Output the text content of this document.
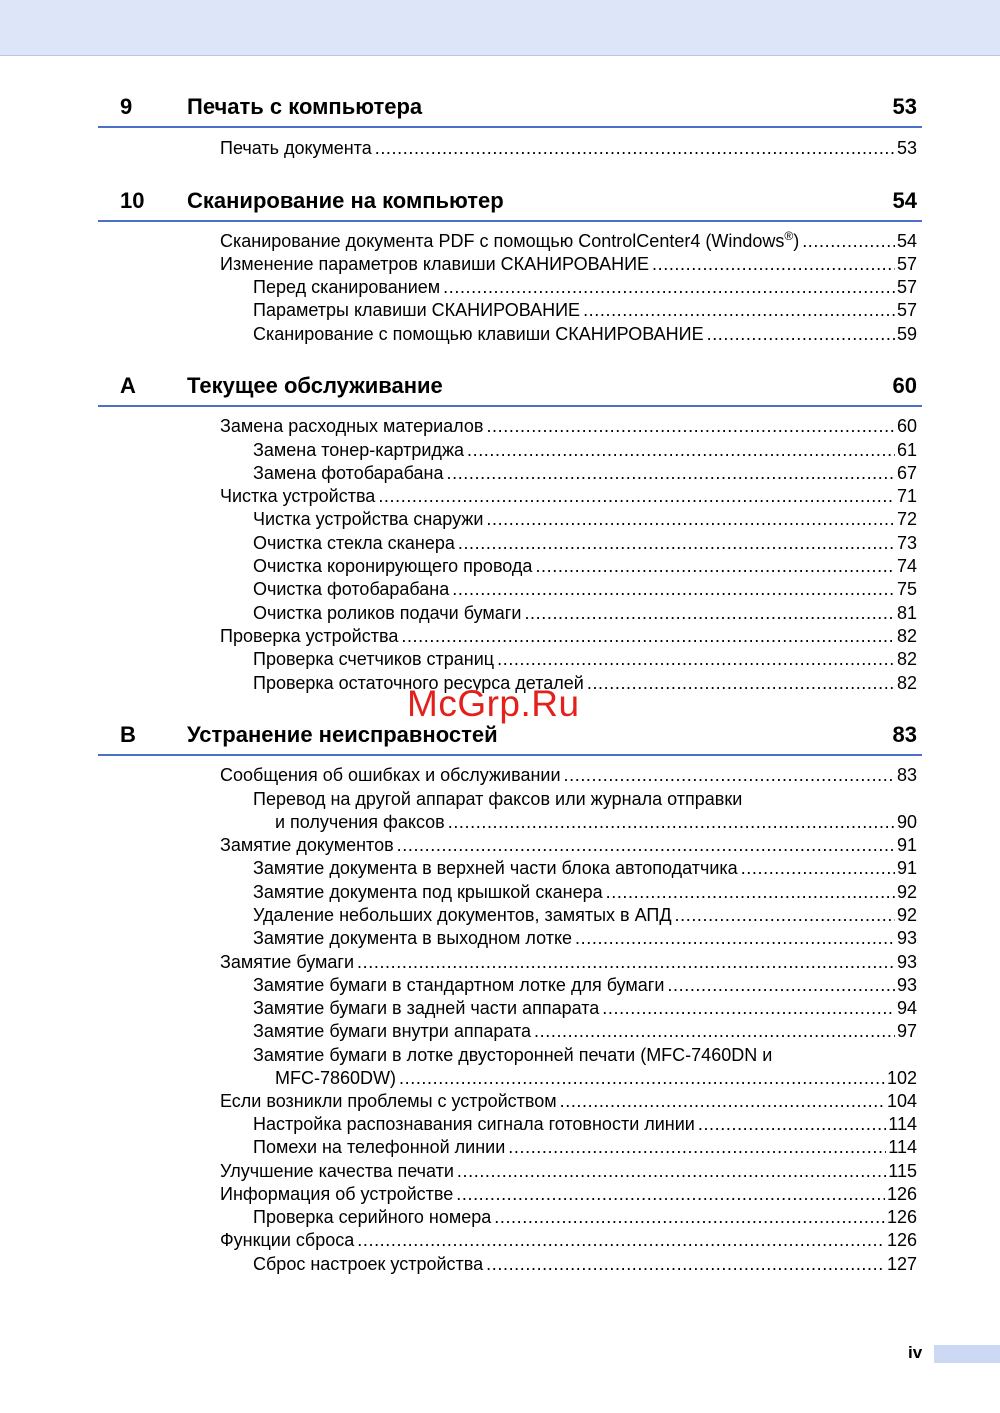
9 Печать с компьютера	53
Печать документа .....	53
10 Сканирование на компьютер	54
Сканирование документа PDF с помощью ControlCenter4 (Windows®) .....	54
Изменение параметров клавиши СКАНИРОВАНИЕ .....	57
Перед сканированием .....	57
Параметры клавиши СКАНИРОВАНИЕ .....	57
Сканирование с помощью клавиши СКАНИРОВАНИЕ .....	59
A Текущее обслуживание	60
Замена расходных материалов .....	60
Замена тонер-картриджа .....	61
Замена фотобарабана .....	67
Чистка устройства .....	71
Чистка устройства снаружи .....	72
Очистка стекла сканера .....	73
Очистка коронирующего провода .....	74
Очистка фотобарабана .....	75
Очистка роликов подачи бумаги .....	81
Проверка устройства .....	82
Проверка счетчиков страниц .....	82
Проверка остаточного ресурса деталей .....	82
B Устранение неисправностей	83
Сообщения об ошибках и обслуживании .....	83
Перевод на другой аппарат факсов или журнала отправки
и получения факсов .....	90
Замятие документов .....	91
Замятие документа в верхней части блока автоподатчика .....	91
Замятие документа под крышкой сканера .....	92
Удаление небольших документов, замятых в АПД .....	92
Замятие документа в выходном лотке .....	93
Замятие бумаги .....	93
Замятие бумаги в стандартном лотке для бумаги .....	93
Замятие бумаги в задней части аппарата .....	94
Замятие бумаги внутри аппарата .....	97
Замятие бумаги в лотке двусторонней печати (MFC-7460DN и
MFC-7860DW) .....	102
Если возникли проблемы с устройством .....	104
Настройка распознавания сигнала готовности линии .....	114
Помехи на телефонной линии .....	114
Улучшение качества печати .....	115
Информация об устройстве .....	126
Проверка серийного номера .....	126
Функции сброса .....	126
Сброс настроек устройства .....	127
McGrp.Ru
iv
